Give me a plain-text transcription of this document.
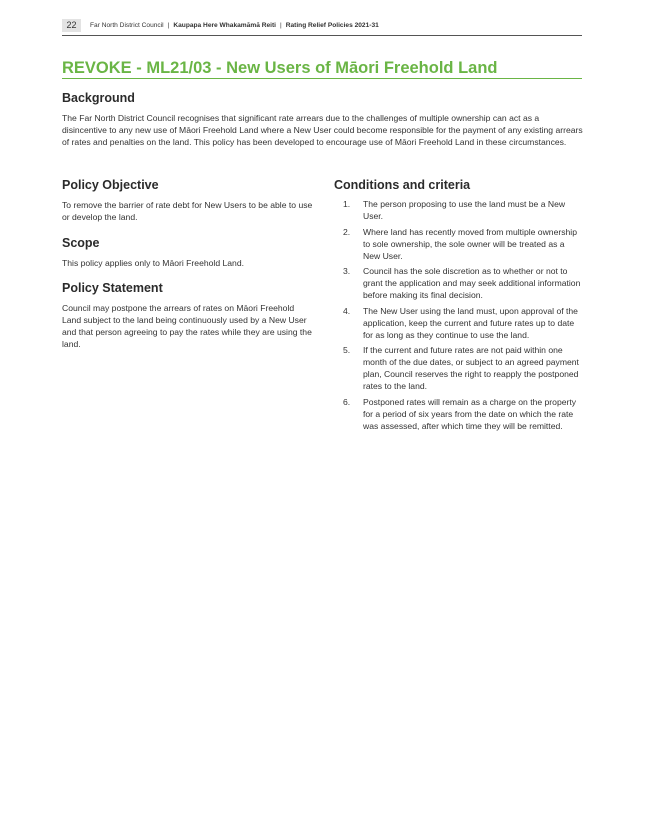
22	Far North District Council | Kaupapa Here Whakamāmā Reiti | Rating Relief Policies 2021-31
REVOKE - ML21/03 - New Users of Māori Freehold Land
Background

The Far North District Council recognises that significant rate arrears due to the challenges of multiple ownership can act as a disincentive to any new use of Māori Freehold Land where a New User could become responsible for the payment of any existing arrears of rates and penalties on the land. This policy has been developed to encourage use of Māori Freehold Land in these circumstances.

Policy Objective

To remove the barrier of rate debt for New Users to be able to use or develop the land.

Scope

This policy applies only to Māori Freehold Land.

Policy Statement

Council may postpone the arrears of rates on Māori Freehold Land subject to the land being continuously used by a New User and that person agreeing to pay the rates while they are using the land.

Conditions and criteria
1. The person proposing to use the land must be a New User.
2. Where land has recently moved from multiple ownership to sole ownership, the sole owner will be treated as a New User.
3. Council has the sole discretion as to whether or not to grant the application and may seek additional information before making its final decision.
4. The New User using the land must, upon approval of the application, keep the current and future rates up to date for as long as they continue to use the land.
5. If the current and future rates are not paid within one month of the due dates, or subject to an agreed payment plan, Council reserves the right to reapply the postponed rates to the land.
6. Postponed rates will remain as a charge on the property for a period of six years from the date on which the rate was assessed, after which time they will be remitted.
